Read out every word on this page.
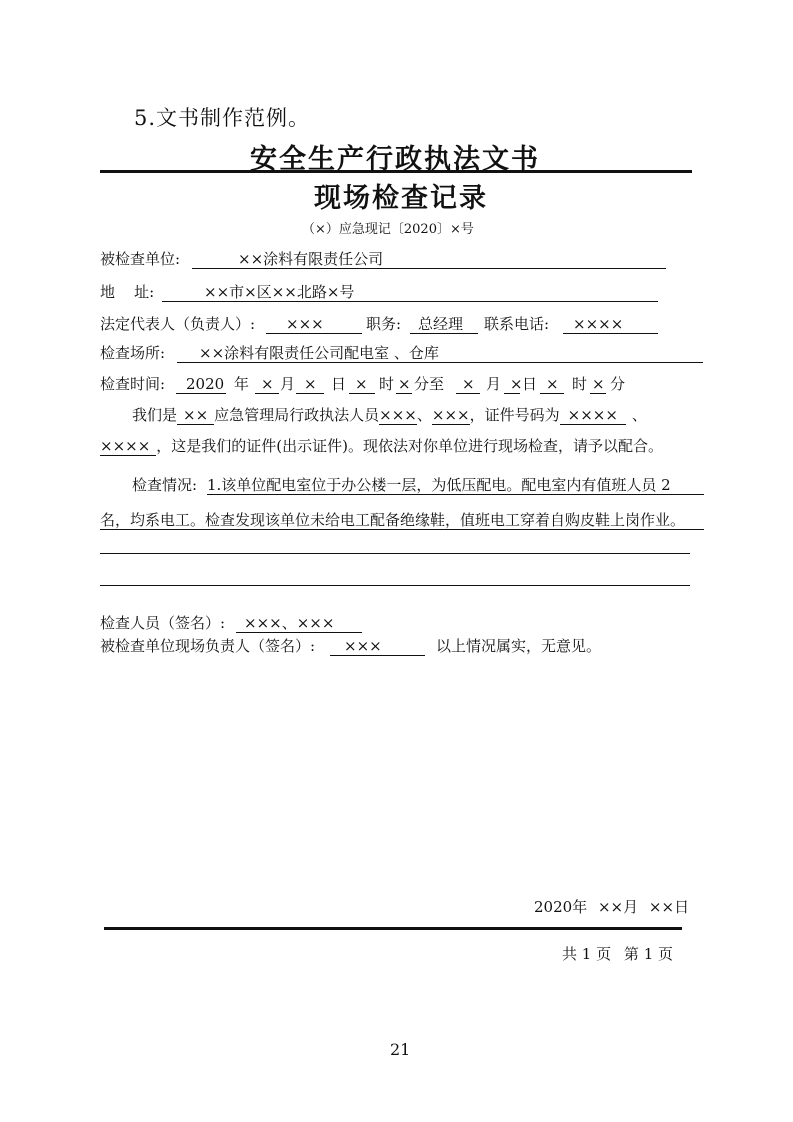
5.文书制作范例。
安全生产行政执法文书
现场检查记录
（×）应急现记〔2020〕×号
被检查单位:	××涂料有限责任公司
地    址:	××市×区××北路×号
法定代表人（负责人）:	×××	职务:	总经理	联系电话:	××××
检查场所:	××涂料有限责任公司配电室 、仓库
检查时间:	2020 年 × 月 × 日 × 时 × 分至	× 月 × 日 × 时 × 分
我们是 ×× 应急管理局行政执法人员×××、×××，证件号码为 ×××× 、
×××× ，这是我们的证件(出示证件)。现依法对你单位进行现场检查，请予以配合。
检查情况: 1.该单位配电室位于办公楼一层，为低压配电。配电室内有值班人员 2
名，均系电工。检查发现该单位未给电工配备绝缘鞋，值班电工穿着自购皮鞋上岗作业。
检查人员（签名）:	×××、×××
被检查单位现场负责人（签名）:	×××	以上情况属实，无意见。
2020年 ××月 ××日
共 1 页 第 1 页
21
